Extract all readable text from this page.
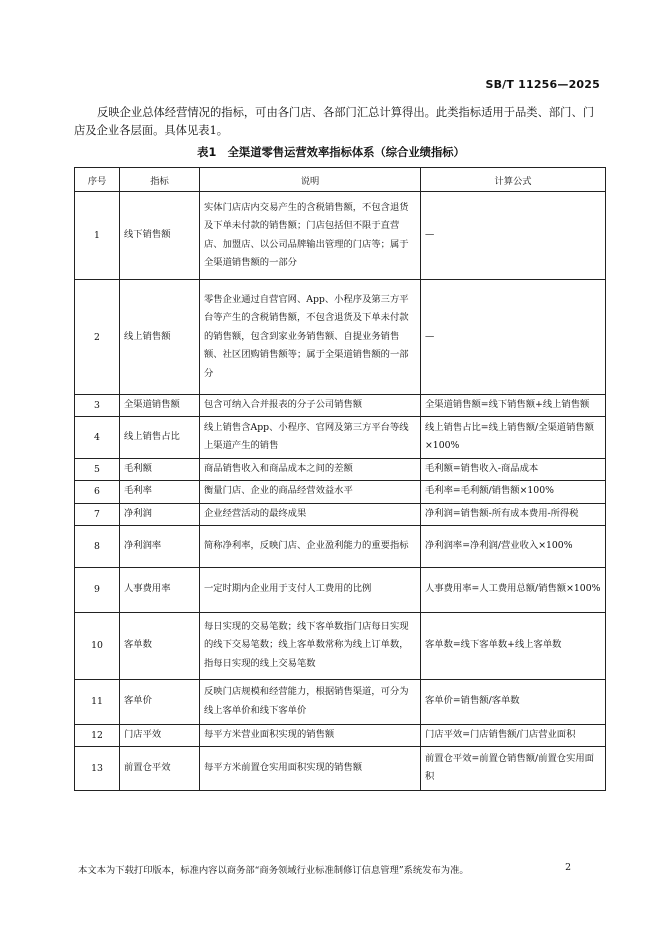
SB/T 11256—2025

反映企业总体经营情况的指标，可由各门店、各部门汇总计算得出。此类指标适用于品类、部门、门店及企业各层面。具体见表1。

表1　全渠道零售运营效率指标体系（综合业绩指标）
序号	指标	说明	计算公式
1	线下销售额	实体门店店内交易产生的含税销售额，不包含退货及下单未付款的销售额；门店包括但不限于直营店、加盟店、以公司品牌输出管理的门店等；属于全渠道销售额的一部分	—
2	线上销售额	零售企业通过自营官网、App、小程序及第三方平台等产生的含税销售额，不包含退货及下单未付款的销售额，包含到家业务销售额、自提业务销售额、社区团购销售额等；属于全渠道销售额的一部分	—
3	全渠道销售额	包含可纳入合并报表的分子公司销售额	全渠道销售额=线下销售额+线上销售额
4	线上销售占比	线上销售含App、小程序、官网及第三方平台等线上渠道产生的销售	线上销售占比=线上销售额/全渠道销售额×100%
5	毛利额	商品销售收入和商品成本之间的差额	毛利额=销售收入-商品成本
6	毛利率	衡量门店、企业的商品经营效益水平	毛利率=毛利额/销售额×100%
7	净利润	企业经营活动的最终成果	净利润=销售额-所有成本费用-所得税
8	净利润率	简称净利率，反映门店、企业盈利能力的重要指标	净利润率=净利润/营业收入×100%
9	人事费用率	一定时期内企业用于支付人工费用的比例	人事费用率=人工费用总额/销售额×100%
10	客单数	每日实现的交易笔数；线下客单数指门店每日实现的线下交易笔数；线上客单数常称为线上订单数，指每日实现的线上交易笔数	客单数=线下客单数+线上客单数
11	客单价	反映门店规模和经营能力，根据销售渠道，可分为线上客单价和线下客单价	客单价=销售额/客单数
12	门店平效	每平方米营业面积实现的销售额	门店平效=门店销售额/门店营业面积
13	前置仓平效	每平方米前置仓实用面积实现的销售额	前置仓平效=前置仓销售额/前置仓实用面积
本文本为下载打印版本，标准内容以商务部“商务领域行业标准制修订信息管理”系统发布为准。	2
